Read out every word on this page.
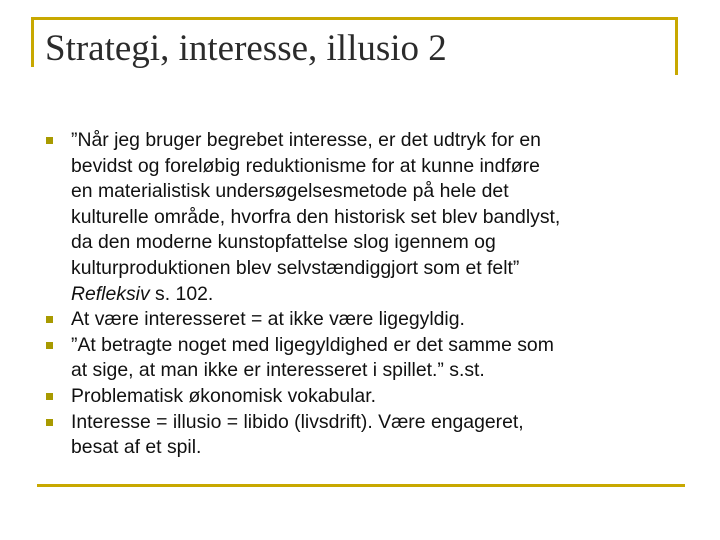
Strategi, interesse, illusio 2
”Når jeg bruger begrebet interesse, er det udtryk for en
bevidst og foreløbig reduktionisme for at kunne indføre
en materialistisk undersøgelsesmetode på hele det
kulturelle område, hvorfra den historisk set blev bandlyst,
da den moderne kunstopfattelse slog igennem og
kulturproduktionen blev selvstændiggjort som et felt”
Refleksiv s. 102.
At være interesseret = at ikke være ligegyldig.
”At betragte noget med ligegyldighed er det samme som
at sige, at man ikke er interesseret i spillet.” s.st.
Problematisk økonomisk vokabular.
Interesse = illusio = libido (livsdrift). Være engageret,
besat af et spil.
